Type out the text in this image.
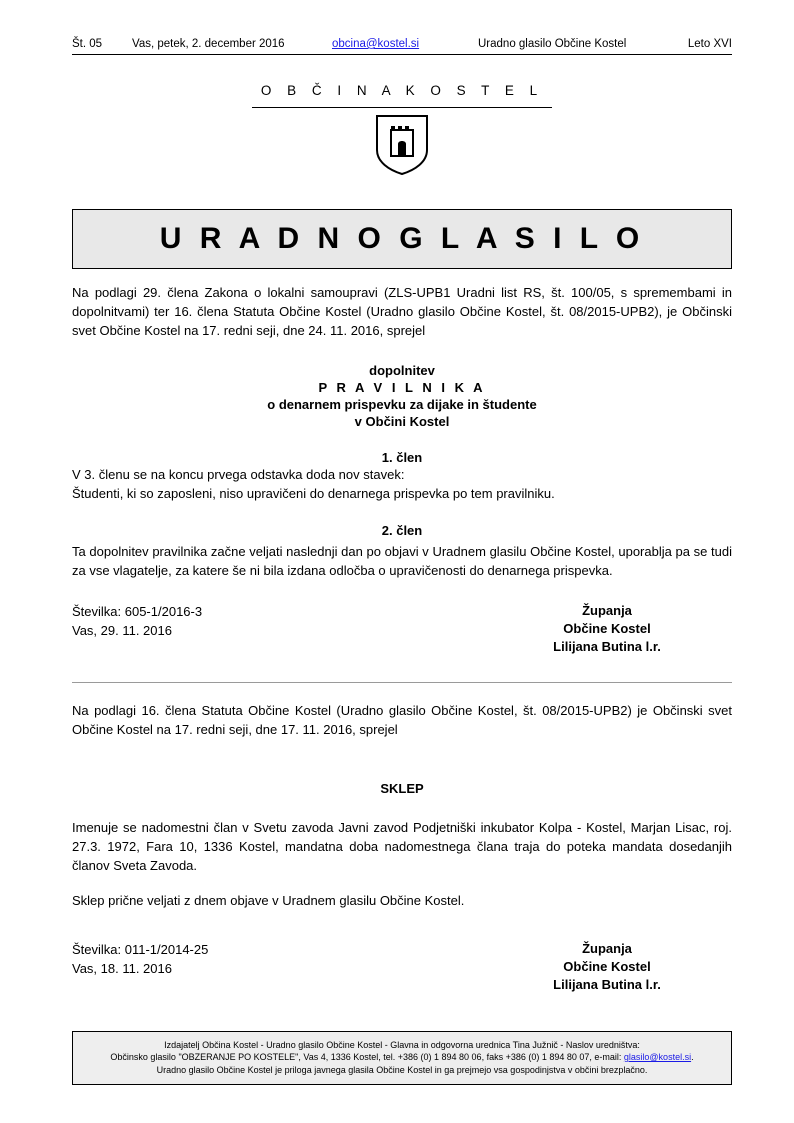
Št. 05	Vas, petek, 2. december 2016	obcina@kostel.si	Uradno glasilo Občine Kostel	Leto XVI
O B Č I N A K O S T E L
U R A D N O G L A S I L O
Na podlagi 29. člena Zakona o lokalni samoupravi (ZLS-UPB1 Uradni list RS, št. 100/05, s spremembami in dopolnitvami) ter 16. člena Statuta Občine Kostel (Uradno glasilo Občine Kostel, št. 08/2015-UPB2), je Občinski svet Občine Kostel na 17. redni seji, dne 24. 11. 2016, sprejel
dopolnitev
P R A V I L N I K A
o denarnem prispevku za dijake in študente
v Občini Kostel
1. člen
V 3. členu se na koncu prvega odstavka doda nov stavek:
Študenti, ki so zaposleni, niso upravičeni do denarnega prispevka po tem pravilniku.
2. člen
Ta dopolnitev pravilnika začne veljati naslednji dan po objavi v Uradnem glasilu Občine Kostel, uporablja pa se tudi za vse vlagatelje, za katere še ni bila izdana odločba o upravičenosti do denarnega prispevka.
Številka: 605-1/2016-3
Vas, 29. 11. 2016
Županja
Občine Kostel
Lilijana Butina l.r.
Na podlagi 16. člena Statuta Občine Kostel (Uradno glasilo Občine Kostel, št. 08/2015-UPB2) je Občinski svet Občine Kostel na 17. redni seji, dne 17. 11. 2016, sprejel
SKLEP
Imenuje se nadomestni član v Svetu zavoda Javni zavod Podjetniški inkubator Kolpa - Kostel, Marjan Lisac, roj. 27.3. 1972, Fara 10, 1336 Kostel, mandatna doba nadomestnega člana traja do poteka mandata dosedanjih članov Sveta Zavoda.
Sklep prične veljati z dnem objave v Uradnem glasilu Občine Kostel.
Številka: 011-1/2014-25
Vas, 18. 11. 2016
Županja
Občine Kostel
Lilijana Butina l.r.
Izdajatelj Občina Kostel - Uradno glasilo Občine Kostel - Glavna in odgovorna urednica Tina Južnič - Naslov uredništva:
Občinsko glasilo "OBZERANJE PO KOSTELE", Vas 4, 1336 Kostel, tel. +386 (0) 1 894 80 06, faks +386 (0) 1 894 80 07, e-mail: glasilo@kostel.si.
Uradno glasilo Občine Kostel je priloga javnega glasila Občine Kostel in ga prejmejo vsa gospodinjstva v občini brezplačno.
